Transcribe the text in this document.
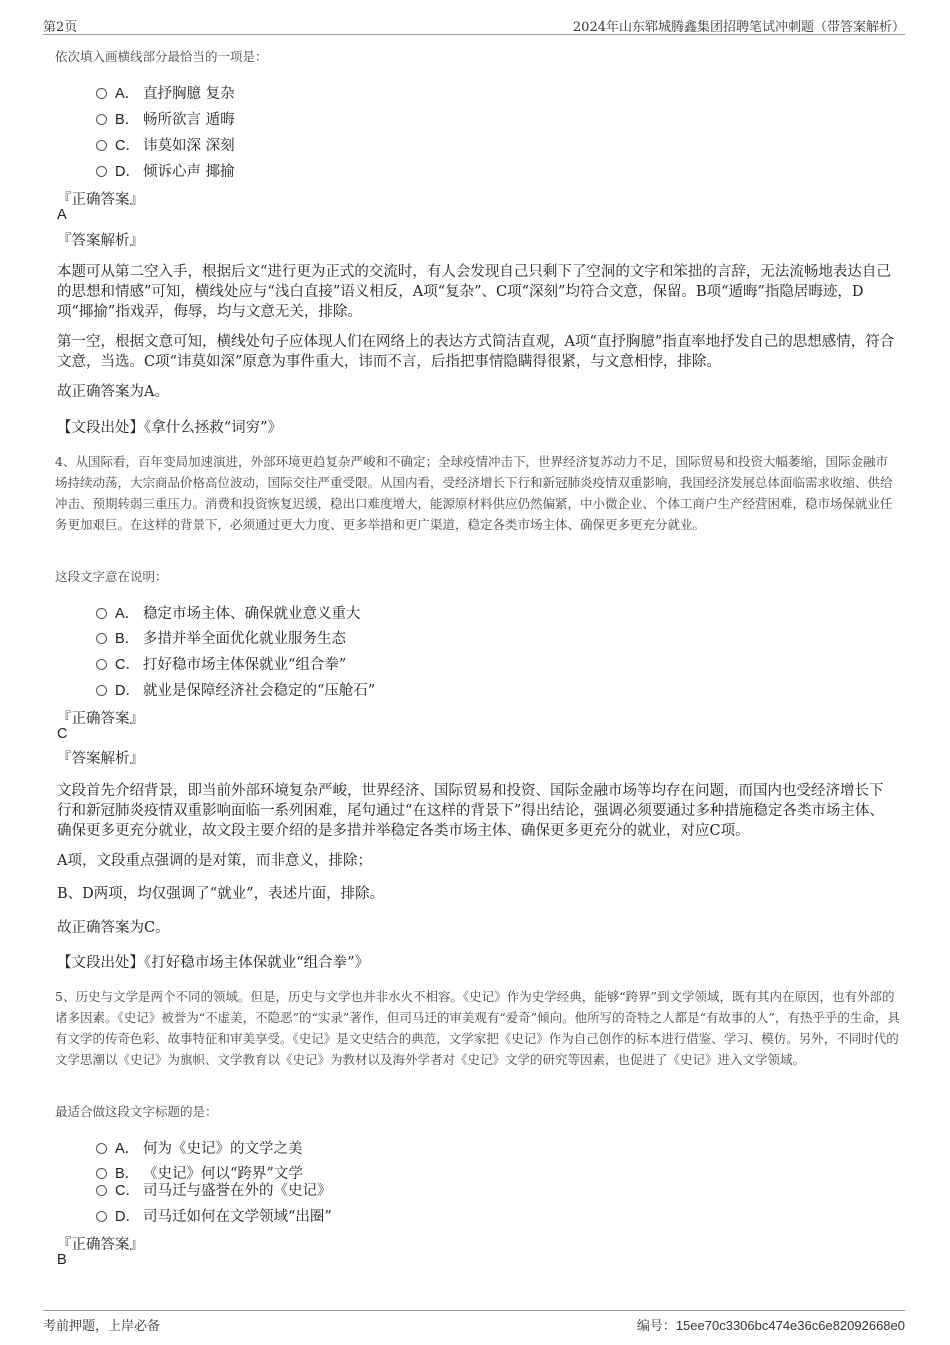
第2页	2024年山东郓城腾鑫集团招聘笔试冲刺题（带答案解析）
依次填入画横线部分最恰当的一项是：
A． 直抒胸臆 复杂
B． 畅所欲言 遁晦
C． 讳莫如深 深刻
D． 倾诉心声 揶揄
『正确答案』
A
『答案解析』
本题可从第二空入手，根据后文“进行更为正式的交流时，有人会发现自己只剩下了空洞的文字和笨拙的言辞，无法流畅地表达自己的思想和情感”可知，横线处应与“浅白直接”语义相反，A项“复杂”、C项“深刻”均符合文意，保留。B项“遁晦”指隐居晦迹，D项“揶揄”指戏弄，侮辱，均与文意无关，排除。
第一空，根据文意可知，横线处句子应体现人们在网络上的表达方式简洁直观，A项“直抒胸臆”指直率地抒发自己的思想感情，符合文意，当选。C项“讳莫如深”原意为事件重大，讳而不言，后指把事情隐瞒得很紧，与文意相悖，排除。
故正确答案为A。
【文段出处】《拿什么拯救“词穷”》
4、从国际看，百年变局加速演进，外部环境更趋复杂严峻和不确定；全球疫情冲击下，世界经济复苏动力不足，国际贸易和投资大幅萎缩，国际金融市场持续动荡，大宗商品价格高位波动，国际交往严重受限。从国内看，受经济增长下行和新冠肺炎疫情双重影响，我国经济发展总体面临需求收缩、供给冲击、预期转弱三重压力。消费和投资恢复迟缓，稳出口难度增大，能源原材料供应仍然偏紧，中小微企业、个体工商户生产经营困难，稳市场保就业任务更加艰巨。在这样的背景下，必须通过更大力度、更多举措和更广渠道，稳定各类市场主体、确保更多更充分就业。
这段文字意在说明：
A． 稳定市场主体、确保就业意义重大
B． 多措并举全面优化就业服务生态
C． 打好稳市场主体保就业“组合拳”
D． 就业是保障经济社会稳定的“压舱石”
『正确答案』
C
『答案解析』
文段首先介绍背景，即当前外部环境复杂严峻，世界经济、国际贸易和投资、国际金融市场等均存在问题，而国内也受经济增长下行和新冠肺炎疫情双重影响面临一系列困难，尾句通过“在这样的背景下”得出结论，强调必须要通过多种措施稳定各类市场主体、确保更多更充分就业，故文段主要介绍的是多措并举稳定各类市场主体、确保更多更充分的就业，对应C项。
A项，文段重点强调的是对策，而非意义，排除；
B、D两项，均仅强调了“就业”，表述片面，排除。
故正确答案为C。
【文段出处】《打好稳市场主体保就业“组合拳”》
5、历史与文学是两个不同的领域。但是，历史与文学也并非水火不相容。《史记》作为史学经典，能够“跨界”到文学领域，既有其内在原因，也有外部的诸多因素。《史记》被誉为“不虚美，不隐恶”的“实录”著作，但司马迁的审美观有“爱奇”倾向。他所写的奇特之人都是“有故事的人”，有热乎乎的生命，具有文学的传奇色彩、故事特征和审美享受。《史记》是文史结合的典范，文学家把《史记》作为自己创作的标本进行借鉴、学习、模仿。另外，不同时代的文学思潮以《史记》为旗帜、文学教育以《史记》为教材以及海外学者对《史记》文学的研究等因素，也促进了《史记》进入文学领域。
最适合做这段文字标题的是：
A． 何为《史记》的文学之美
B． 《史记》何以“跨界”文学
C． 司马迁与盛誉在外的《史记》
D． 司马迁如何在文学领域“出圈”
『正确答案』
B
考前押题，上岸必备	编号：15ee70c3306bc474e36c6e82092668e0
